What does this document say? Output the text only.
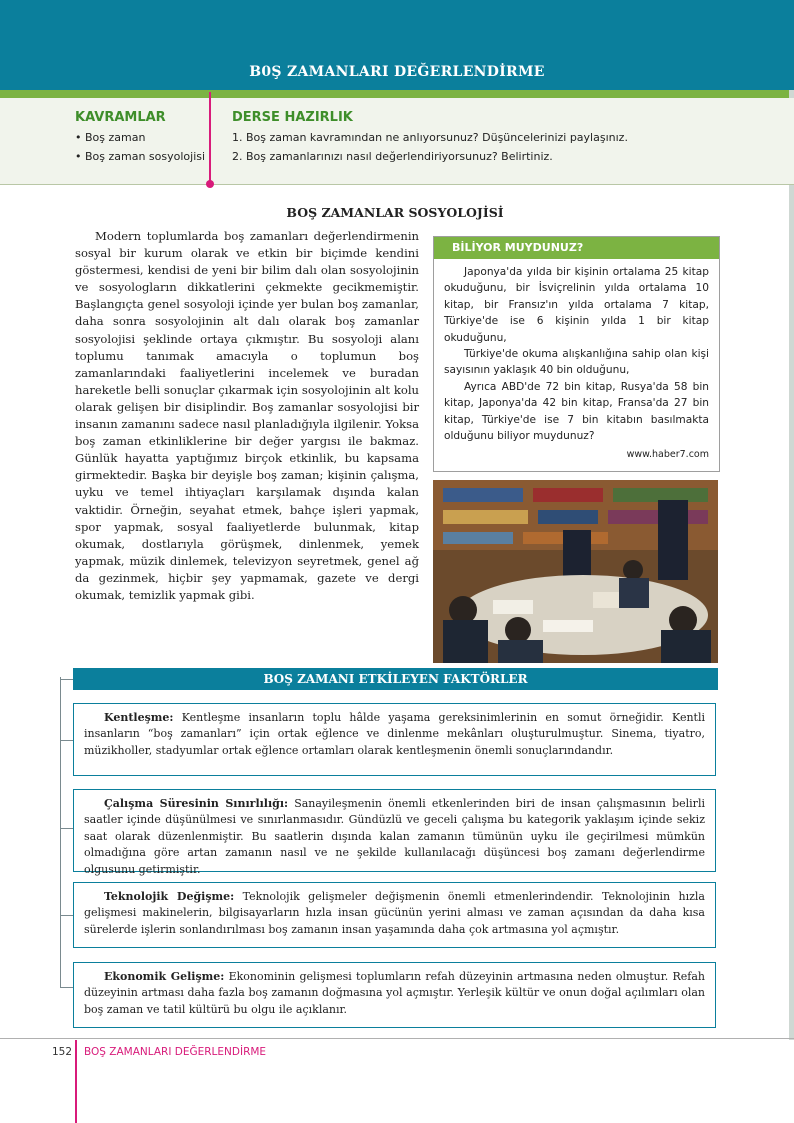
B0Ş ZAMANLARI DEĞERLENDİRME
KAVRAMLAR
• Boş zaman
• Boş zaman sosyolojisi
DERSE HAZIRLIK
1. Boş zaman kavramından ne anlıyorsunuz? Düşüncelerinizi paylaşınız.
2. Boş zamanlarınızı nasıl değerlendiriyorsunuz? Belirtiniz.
BOŞ ZAMANLAR SOSYOLOJİSİ

Modern toplumlarda boş zamanları değerlendirmenin sosyal bir kurum olarak ve etkin bir biçimde kendini göstermesi, kendisi de yeni bir bilim dalı olan sosyolojinin ve sosyologların dikkatlerini çekmekte gecikmemiştir. Başlangıçta genel sosyoloji içinde yer bulan boş zamanlar, daha sonra sosyolojinin alt dalı olarak boş zamanlar sosyolojisi şeklinde ortaya çıkmıştır. Bu sosyoloji alanı toplumu tanımak amacıyla o toplumun boş zamanlarındaki faaliyetlerini incelemek ve buradan hareketle belli sonuçlar çıkarmak için sosyolojinin alt kolu olarak gelişen bir disiplindir. Boş zamanlar sosyolojisi bir insanın zamanını sadece nasıl planladığıyla ilgilenir. Yoksa boş zaman etkinliklerine bir değer yargısı ile bakmaz. Günlük hayatta yaptığımız birçok etkinlik, bu kapsama girmektedir. Başka bir deyişle boş zaman; kişinin çalışma, uyku ve temel ihtiyaçları karşılamak dışında kalan vaktidir. Örneğin, seyahat etmek, bahçe işleri yapmak, spor yapmak, sosyal faaliyetlerde bulunmak, kitap okumak, dostlarıyla görüşmek, dinlenmek, yemek yapmak, müzik dinlemek, televizyon seyretmek, genel ağ da gezinmek, hiçbir şey yapmamak, gazete ve dergi okumak, temizlik yapmak gibi.

BİLİYOR MUYDUNUZ?

Japonya'da yılda bir kişinin ortalama 25 kitap okuduğunu, bir İsviçrelinin yılda ortalama 10 kitap, bir Fransız'ın yılda ortalama 7 kitap, Türkiye'de ise 6 kişinin yılda 1 bir kitap okuduğunu,

Türkiye'de okuma alışkanlığına sahip olan kişi sayısının yaklaşık 40 bin olduğunu,

Ayrıca ABD'de 72 bin kitap, Rusya'da 58 bin kitap, Japonya'da 42 bin kitap, Fransa'da 27 bin kitap, Türkiye'de ise 7 bin kitabın basılmakta olduğunu biliyor muydunuz?

www.haber7.com
BOŞ ZAMANI ETKİLEYEN FAKTÖRLER

Kentleşme: Kentleşme insanların toplu hâlde yaşama gereksinimlerinin en somut örneğidir. Kentli insanların “boş zamanları” için ortak eğlence ve dinlenme mekânları oluşturulmuştur. Sinema, tiyatro, müzikholler, stadyumlar ortak eğlence ortamları olarak kentleşmenin önemli sonuçlarındandır.

Çalışma Süresinin Sınırlılığı: Sanayileşmenin önemli etkenlerinden biri de insan çalışmasının belirli saatler içinde düşünülmesi ve sınırlanmasıdır. Gündüzlü ve geceli çalışma bu kategorik yaklaşım içinde sekiz saat olarak düzenlenmiştir. Bu saatlerin dışında kalan zamanın tümünün uyku ile geçirilmesi mümkün olmadığına göre artan zamanın nasıl ve ne şekilde kullanılacağı düşüncesi boş zamanı değerlendirme olgusunu getirmiştir.

Teknolojik Değişme: Teknolojik gelişmeler değişmenin önemli etmenlerindendir. Teknolojinin hızla gelişmesi makinelerin, bilgisayarların hızla insan gücünün yerini alması ve zaman açısından da daha kısa sürelerde işlerin sonlandırılması boş zamanın insan yaşamında daha çok artmasına yol açmıştır.

Ekonomik Gelişme: Ekonominin gelişmesi toplumların refah düzeyinin artmasına neden olmuştur. Refah düzeyinin artması daha fazla boş zamanın doğmasına yol açmıştır. Yerleşik kültür ve onun doğal açılımları olan boş zaman ve tatil kültürü bu olgu ile açıklanır.

152 BOŞ ZAMANLARI DEĞERLENDİRME
